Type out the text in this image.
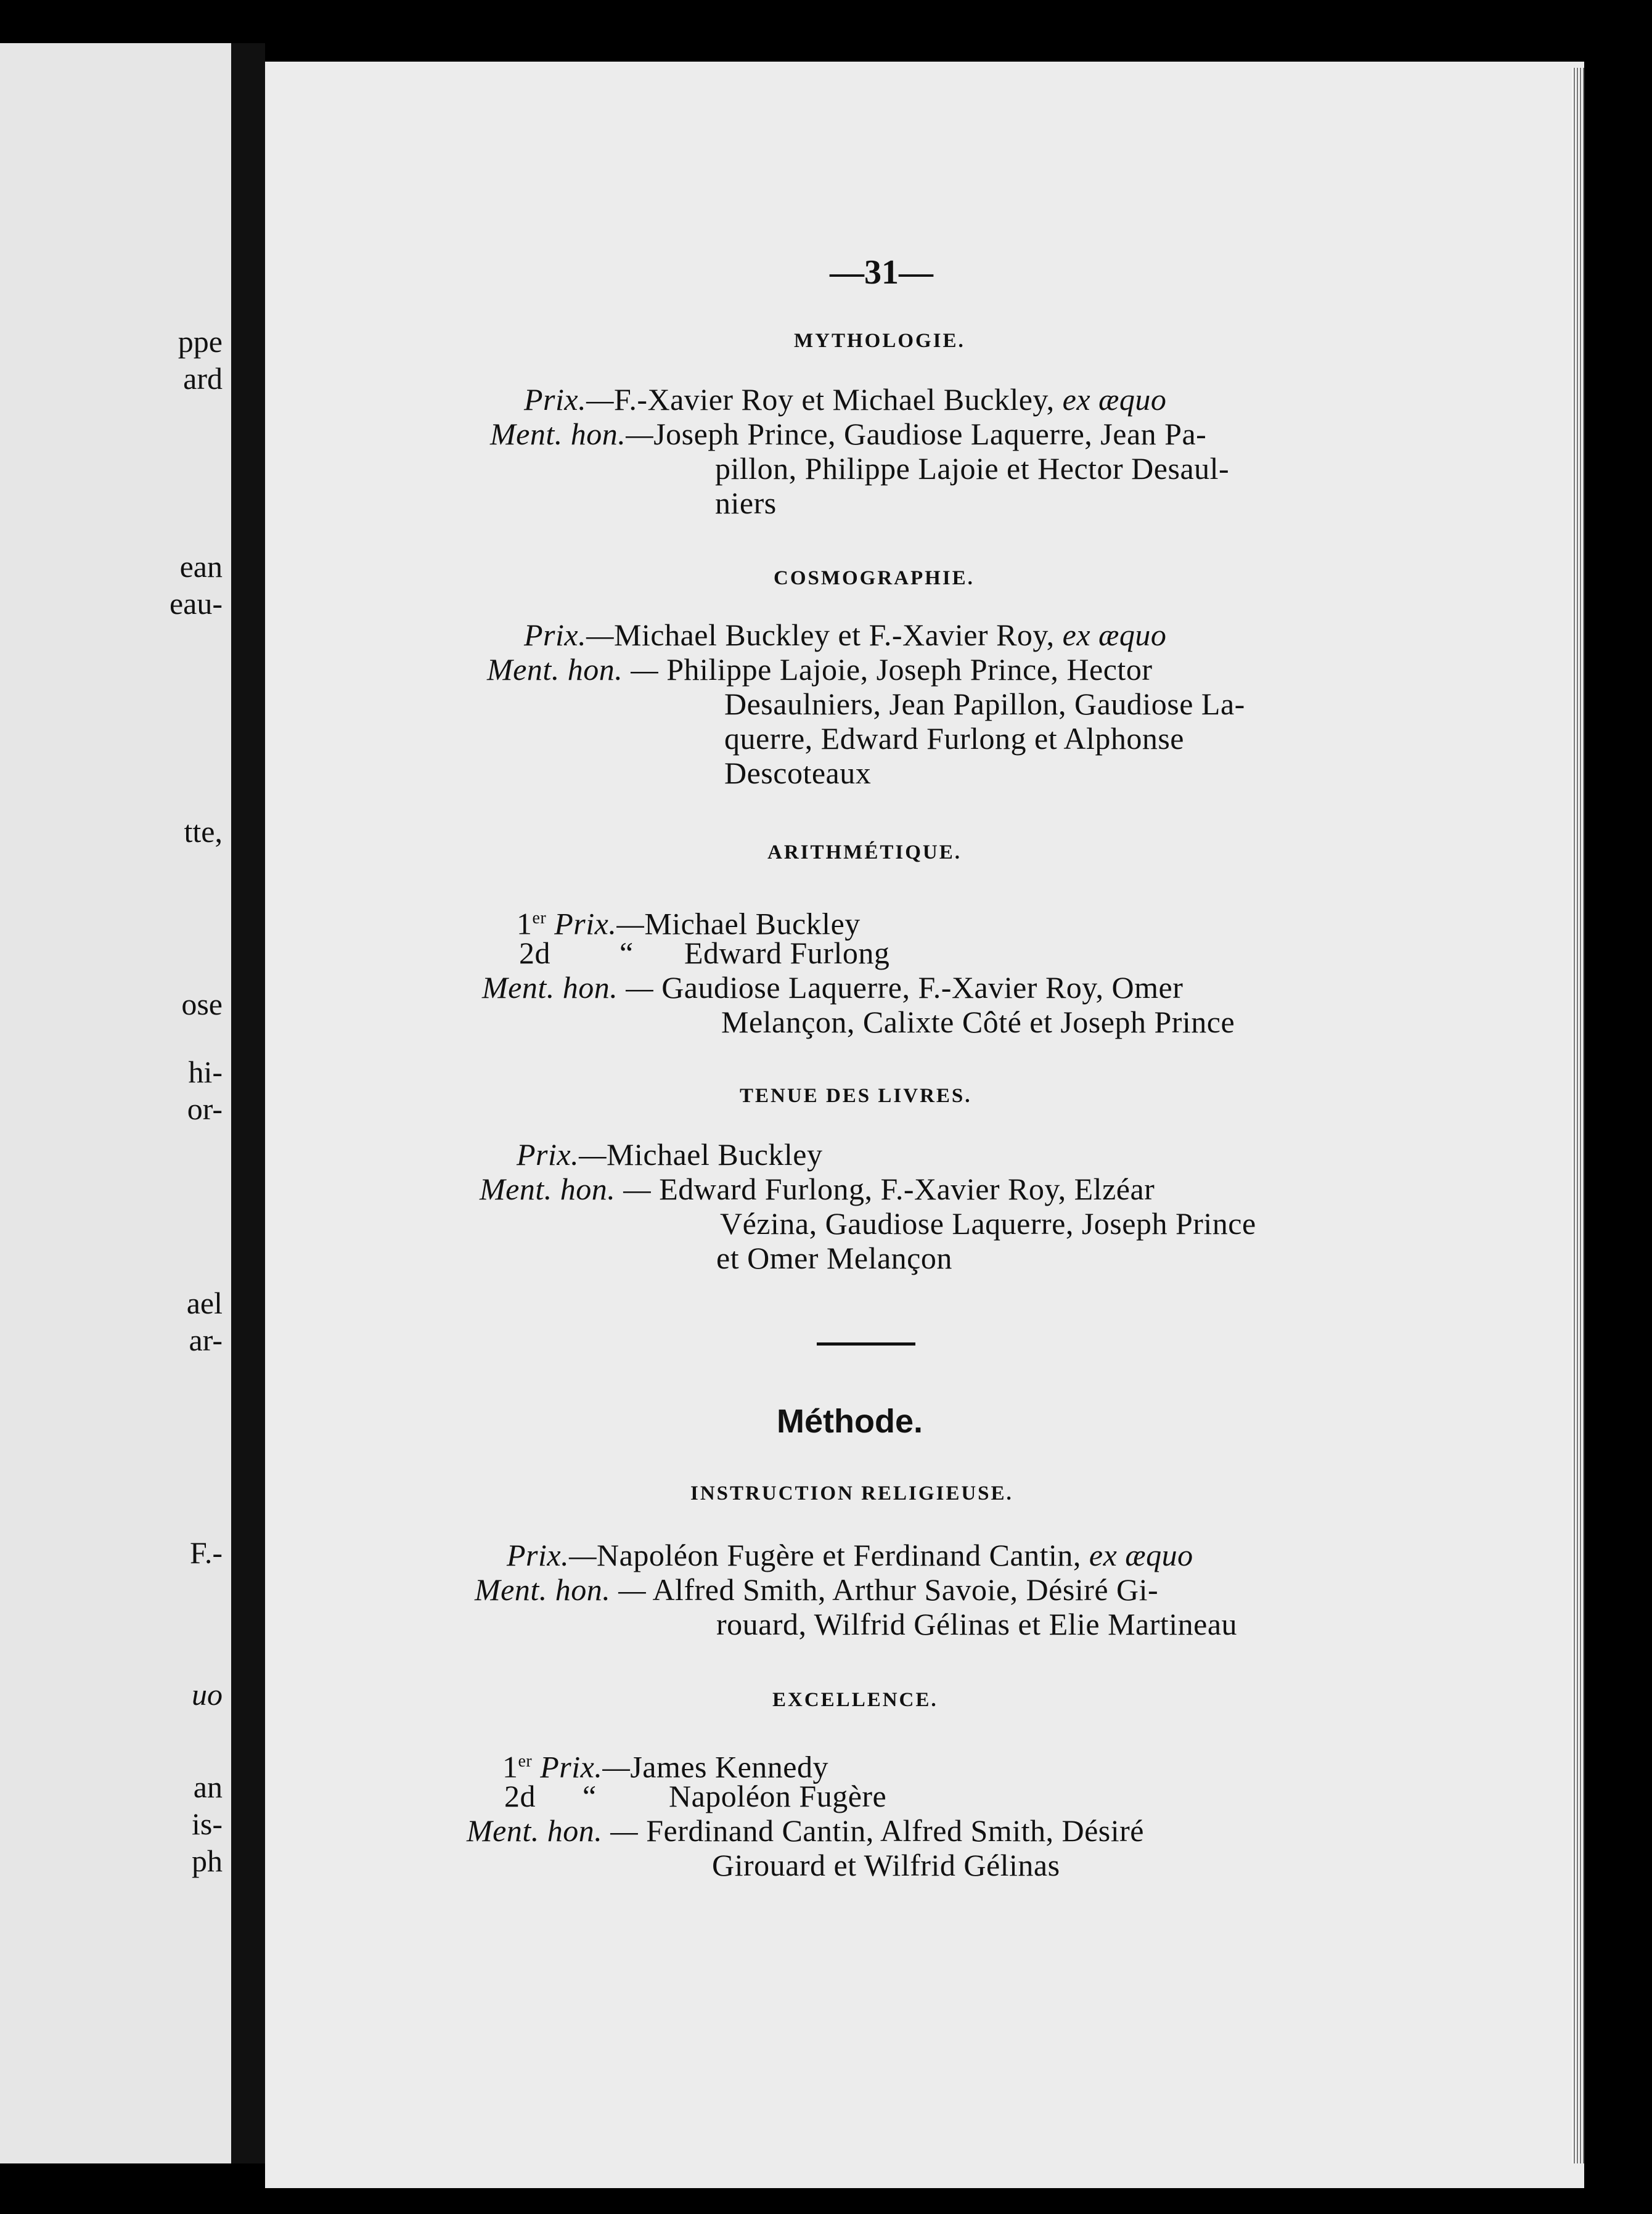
ppe
ard
ean
eau-
tte,
ose
hi-
or-
ael
ar-
F.-
uo
an
is-
ph
—31—
MYTHOLOGIE.
Prix.—F.-Xavier Roy et Michael Buckley, ex æquo
Ment. hon.—Joseph Prince, Gaudiose Laquerre, Jean Pa-
pillon, Philippe Lajoie et Hector Desaul-
niers
COSMOGRAPHIE.
Prix.—Michael Buckley et F.-Xavier Roy, ex æquo
Ment. hon. — Philippe Lajoie, Joseph Prince, Hector
Desaulniers, Jean Papillon, Gaudiose La-
querre, Edward Furlong et Alphonse
Descoteaux
ARITHMÉTIQUE.
1er Prix.—Michael Buckley
2d “ Edward Furlong
Ment. hon. — Gaudiose Laquerre, F.-Xavier Roy, Omer
Melançon, Calixte Côté et Joseph Prince
TENUE DES LIVRES.
Prix.—Michael Buckley
Ment. hon. — Edward Furlong, F.-Xavier Roy, Elzéar
Vézina, Gaudiose Laquerre, Joseph Prince
et Omer Melançon
Méthode.
INSTRUCTION RELIGIEUSE.
Prix.—Napoléon Fugère et Ferdinand Cantin, ex æquo
Ment. hon. — Alfred Smith, Arthur Savoie, Désiré Gi-
rouard, Wilfrid Gélinas et Elie Martineau
EXCELLENCE.
1er Prix.—James Kennedy
2d “ Napoléon Fugère
Ment. hon. — Ferdinand Cantin, Alfred Smith, Désiré
Girouard et Wilfrid Gélinas
